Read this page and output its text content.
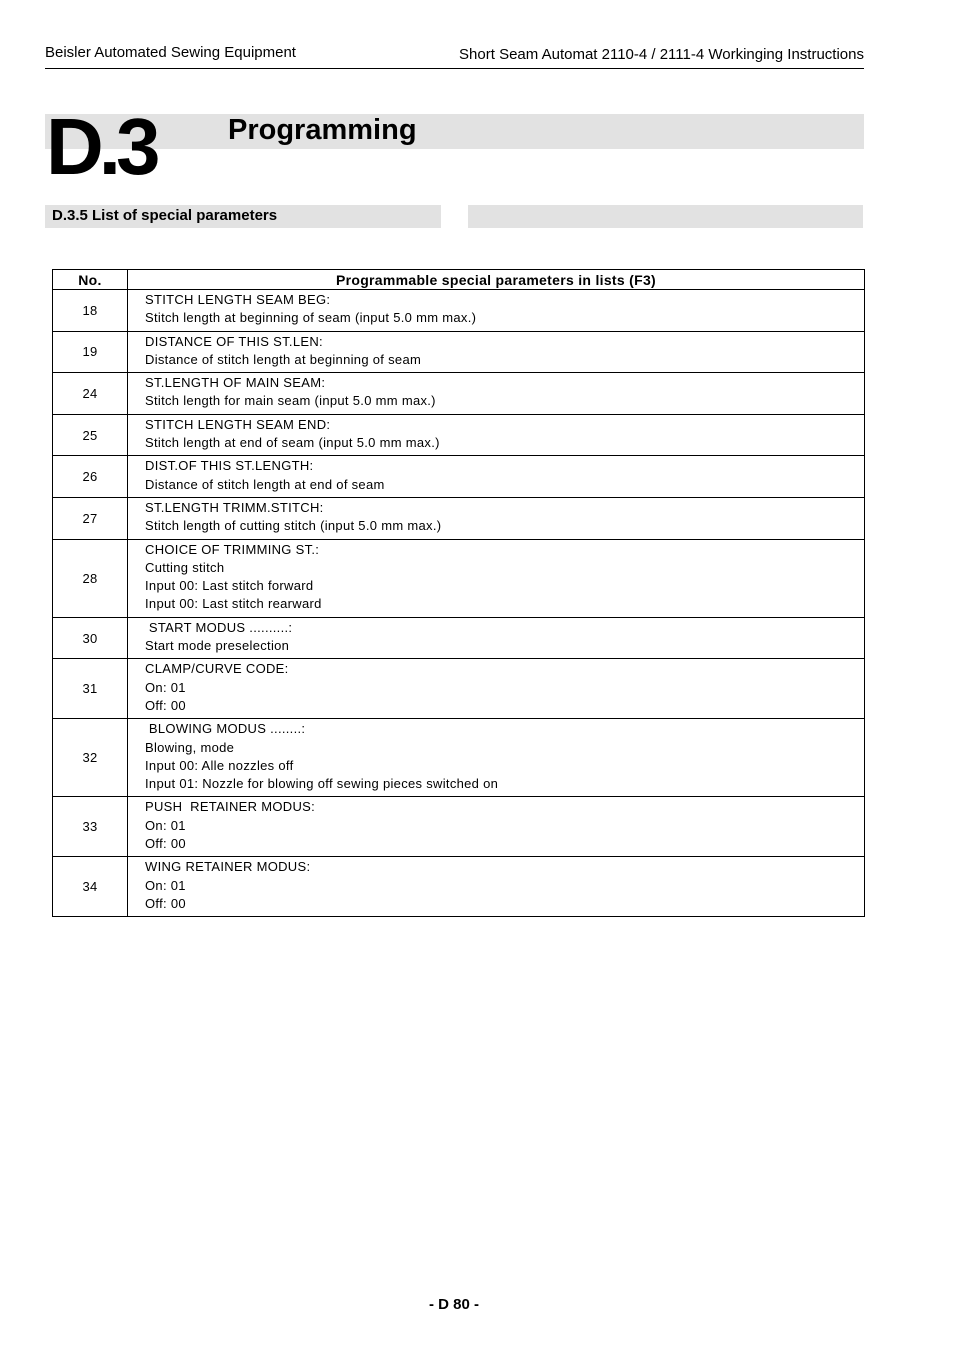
Beisler Automated Sewing Equipment	Short Seam Automat 2110-4 / 2111-4 Workinging Instructions
D.3	Programming
D.3.5 List of special parameters
No.	Programmable special parameters in lists (F3)
18	STITCH LENGTH SEAM BEG:
Stitch length at beginning of seam (input 5.0 mm max.)

19	DISTANCE OF THIS ST.LEN:
Distance of stitch length at beginning of seam

24	ST.LENGTH OF MAIN SEAM:
Stitch length for main seam (input 5.0 mm max.)

25	STITCH LENGTH SEAM END:
Stitch length at end of seam (input 5.0 mm max.)

26	DIST.OF THIS ST.LENGTH:
Distance of stitch length at end of seam

27	ST.LENGTH TRIMM.STITCH:
Stitch length of cutting stitch (input 5.0 mm max.)

28	CHOICE OF TRIMMING ST.:
Cutting stitch
Input 00: Last stitch forward
Input 00: Last stitch rearward

30	START MODUS ..........:
Start mode preselection

31	CLAMP/CURVE CODE:
On: 01
Off: 00

32	BLOWING MODUS ........:
Blowing, mode
Input 00: Alle nozzles off
Input 01: Nozzle for blowing off sewing pieces switched on

33	PUSH  RETAINER MODUS:
On: 01
Off: 00

34	WING RETAINER MODUS:
On: 01
Off: 00
- D 80 -
